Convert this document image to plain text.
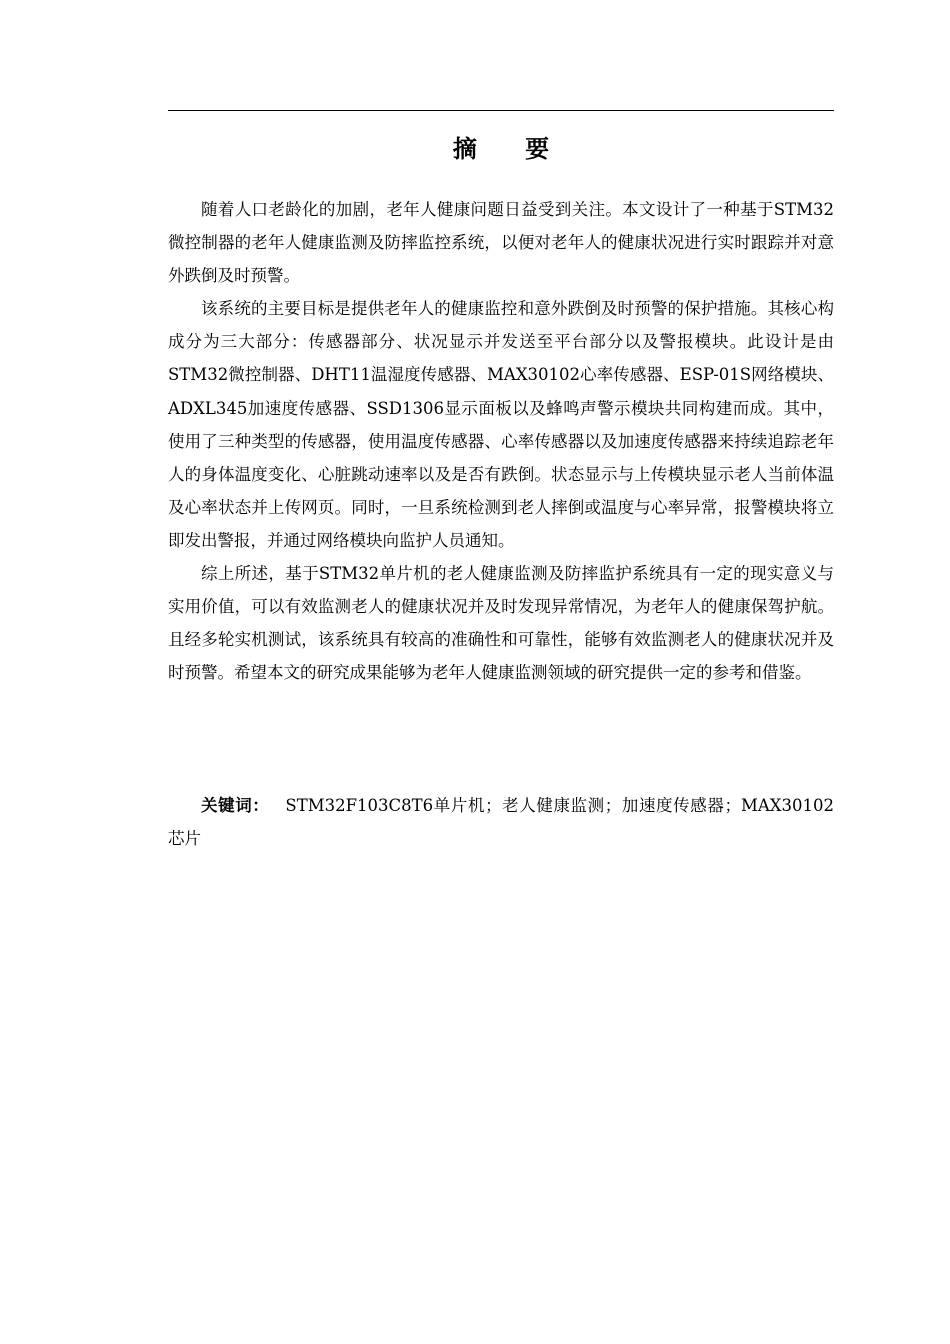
摘 要

随着人口老龄化的加剧，老年人健康问题日益受到关注。本文设计了一种基于STM32微控制器的老年人健康监测及防摔监控系统，以便对老年人的健康状况进行实时跟踪并对意外跌倒及时预警。

该系统的主要目标是提供老年人的健康监控和意外跌倒及时预警的保护措施。其核心构成分为三大部分：传感器部分、状况显示并发送至平台部分以及警报模块。此设计是由STM32微控制器、DHT11温湿度传感器、MAX30102心率传感器、ESP-01S网络模块、ADXL345加速度传感器、SSD1306显示面板以及蜂鸣声警示模块共同构建而成。其中，使用了三种类型的传感器，使用温度传感器、心率传感器以及加速度传感器来持续追踪老年人的身体温度变化、心脏跳动速率以及是否有跌倒。状态显示与上传模块显示老人当前体温及心率状态并上传网页。同时，一旦系统检测到老人摔倒或温度与心率异常，报警模块将立即发出警报，并通过网络模块向监护人员通知。

综上所述，基于STM32单片机的老人健康监测及防摔监护系统具有一定的现实意义与实用价值，可以有效监测老人的健康状况并及时发现异常情况，为老年人的健康保驾护航。且经多轮实机测试，该系统具有较高的准确性和可靠性，能够有效监测老人的健康状况并及时预警。希望本文的研究成果能够为老年人健康监测领域的研究提供一定的参考和借鉴。

关键词： STM32F103C8T6单片机；老人健康监测；加速度传感器；MAX30102芯片
